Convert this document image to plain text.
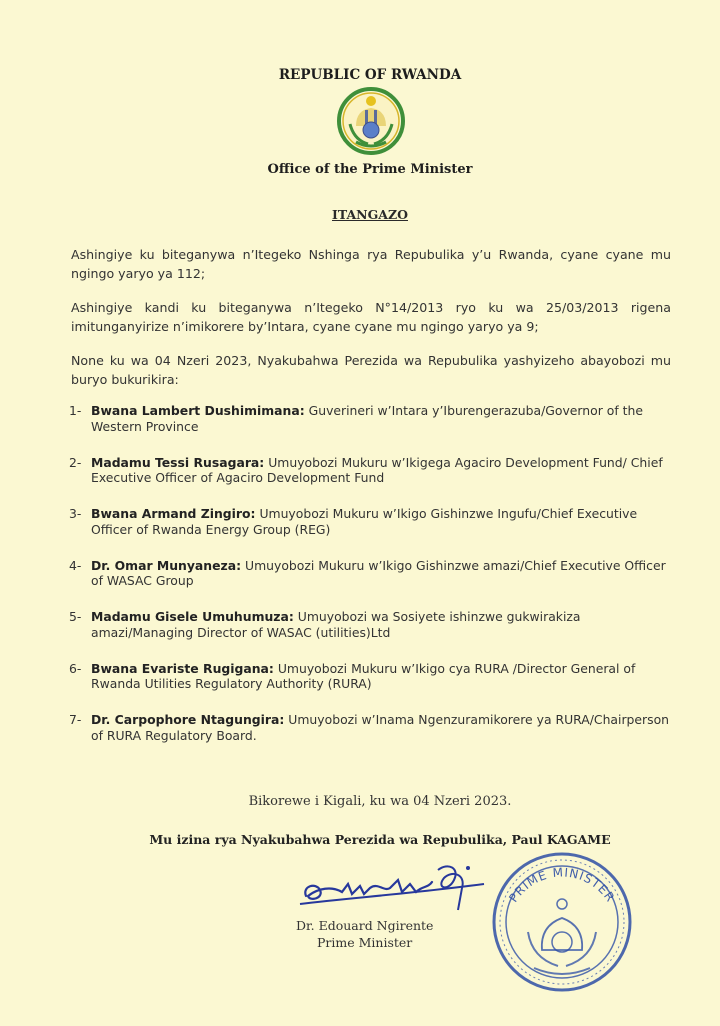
REPUBLIC OF RWANDA
Office of the Prime Minister
ITANGAZO
Ashingiye ku biteganywa n’Itegeko Nshinga rya Repubulika y’u Rwanda, cyane cyane mu ngingo yaryo ya 112;
Ashingiye kandi ku biteganywa n’Itegeko N°14/2013 ryo ku wa 25/03/2013 rigena imitunganyirize n’imikorere by’Intara, cyane cyane mu ngingo yaryo ya 9;
None ku wa 04 Nzeri 2023, Nyakubahwa Perezida wa Repubulika yashyizeho abayobozi mu buryo bukurikira:
1- Bwana Lambert Dushimimana: Guverineri w’Intara y’Iburengerazuba/Governor of the Western Province
2- Madamu Tessi Rusagara: Umuyobozi Mukuru w’Ikigega Agaciro Development Fund/ Chief Executive Officer of Agaciro Development Fund
3- Bwana Armand Zingiro: Umuyobozi Mukuru w’Ikigo Gishinzwe Ingufu/Chief Executive Officer of Rwanda Energy Group (REG)
4- Dr. Omar Munyaneza: Umuyobozi Mukuru w’Ikigo Gishinzwe amazi/Chief Executive Officer of WASAC Group
5- Madamu Gisele Umuhumuza: Umuyobozi wa Sosiyete ishinzwe gukwirakiza amazi/Managing Director of WASAC (utilities)Ltd
6- Bwana Evariste Rugigana: Umuyobozi Mukuru w’Ikigo cya RURA /Director General of Rwanda Utilities Regulatory Authority (RURA)
7- Dr. Carpophore Ntagungira: Umuyobozi w’Inama Ngenzuramikorere ya RURA/Chairperson of RURA Regulatory Board.
Bikorewe i Kigali, ku wa 04 Nzeri 2023.
Mu izina rya Nyakubahwa Perezida wa Repubulika, Paul KAGAME
Dr. Edouard Ngirente
Prime Minister
PRIME MINISTER
